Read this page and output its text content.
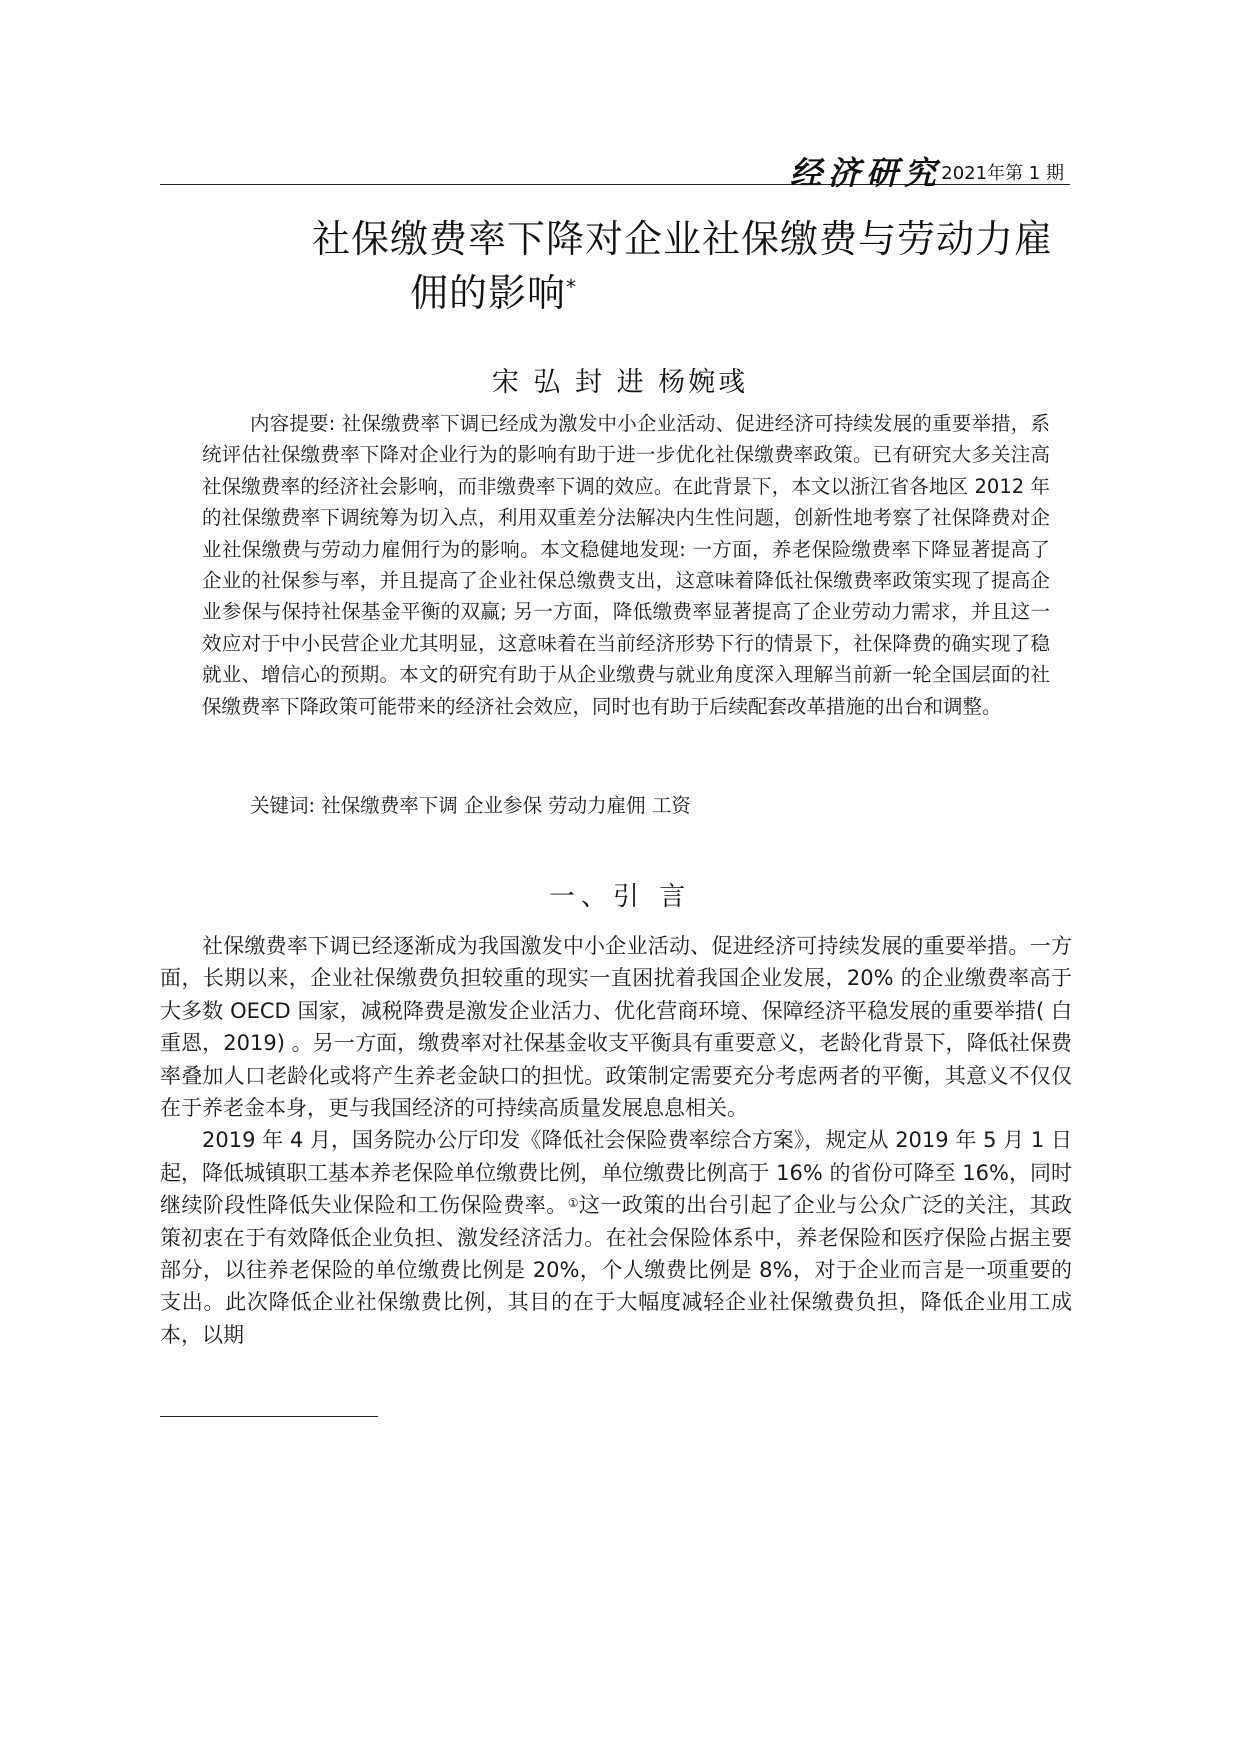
经济研究 2021年第 1 期
社保缴费率下降对企业社保缴费与劳动力雇
佣的影响*
宋 弘 封 进 杨婉彧

内容提要: 社保缴费率下调已经成为激发中小企业活动、促进经济可持续发展的重要举措，系统评估社保缴费率下降对企业行为的影响有助于进一步优化社保缴费率政策。已有研究大多关注高社保缴费率的经济社会影响，而非缴费率下调的效应。在此背景下，本文以浙江省各地区 2012 年的社保缴费率下调统筹为切入点，利用双重差分法解决内生性问题，创新性地考察了社保降费对企业社保缴费与劳动力雇佣行为的影响。本文稳健地发现: 一方面，养老保险缴费率下降显著提高了企业的社保参与率，并且提高了企业社保总缴费支出，这意味着降低社保缴费率政策实现了提高企业参保与保持社保基金平衡的双赢; 另一方面，降低缴费率显著提高了企业劳动力需求，并且这一效应对于中小民营企业尤其明显，这意味着在当前经济形势下行的情景下，社保降费的确实现了稳就业、增信心的预期。本文的研究有助于从企业缴费与就业角度深入理解当前新一轮全国层面的社保缴费率下降政策可能带来的经济社会效应，同时也有助于后续配套改革措施的出台和调整。

关键词: 社保缴费率下调 企业参保 劳动力雇佣 工资
一、引 言

社保缴费率下调已经逐渐成为我国激发中小企业活动、促进经济可持续发展的重要举措。一方面，长期以来，企业社保缴费负担较重的现实一直困扰着我国企业发展，20% 的企业缴费率高于大多数 OECD 国家，减税降费是激发企业活力、优化营商环境、保障经济平稳发展的重要举措( 白重恩，2019) 。另一方面，缴费率对社保基金收支平衡具有重要意义，老龄化背景下，降低社保费率叠加人口老龄化或将产生养老金缺口的担忧。政策制定需要充分考虑两者的平衡，其意义不仅仅在于养老金本身，更与我国经济的可持续高质量发展息息相关。

2019 年 4 月，国务院办公厅印发《降低社会保险费率综合方案》，规定从 2019 年 5 月 1 日起，降低城镇职工基本养老保险单位缴费比例，单位缴费比例高于 16% 的省份可降至 16%，同时继续阶段性降低失业保险和工伤保险费率。①这一政策的出台引起了企业与公众广泛的关注，其政策初衷在于有效降低企业负担、激发经济活力。在社会保险体系中，养老保险和医疗保险占据主要部分，以往养老保险的单位缴费比例是 20%，个人缴费比例是 8%，对于企业而言是一项重要的支出。此次降低企业社保缴费比例，其目的在于大幅度减轻企业社保缴费负担，降低企业用工成本，以期
